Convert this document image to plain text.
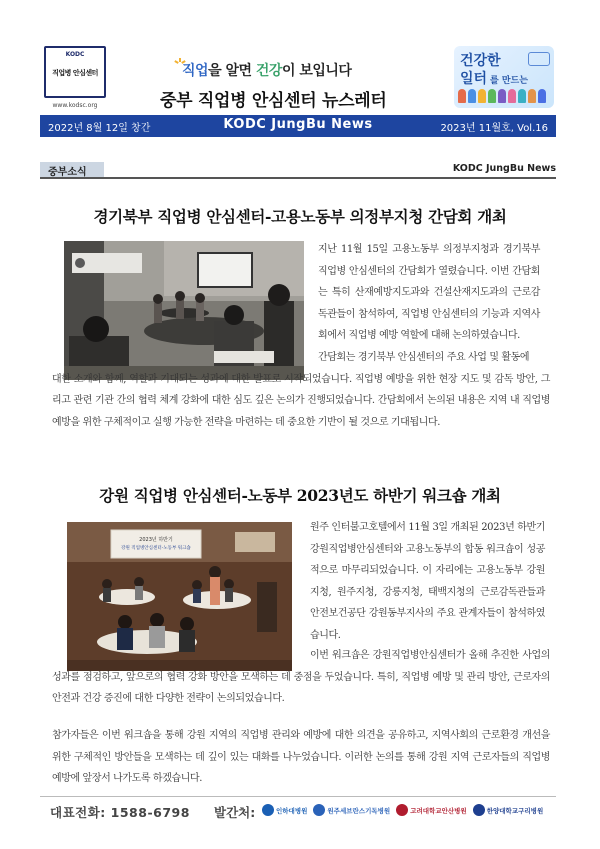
KODC
직업병 안심센터
www.kodsc.org
직업을 알면 건강이 보입니다
중부 직업병 안심센터 뉴스레터
건강한
일터 를 만드는
2022년 8월 12일 창간	KODC JungBu News	2023년 11월호, Vol.16
중부소식	KODC JungBu News
경기북부 직업병 안심센터-고용노동부 의정부지청 간담회 개최
지난 11월 15일 고용노동부 의정부지청과 경기북부 직업병 안심센터의 간담회가 열렸습니다. 이번 간담회는 특히 산재예방지도과와 건설산재지도과의 근로감독관들이 참석하여, 직업병 안심센터의 기능과 지역사회에서 직업병 예방 역할에 대해 논의하였습니다.
간담회는 경기북부 안심센터의 주요 사업 및 활동에
대한 소개와 함께, 역할과 기대되는 성과에 대한 발표로 시작되었습니다. 직업병 예방을 위한 현장 지도 및 감독 방안, 그리고 관련 기관 간의 협력 체계 강화에 대한 심도 깊은 논의가 진행되었습니다. 간담회에서 논의된 내용은 지역 내 직업병 예방을 위한 구체적이고 실행 가능한 전략을 마련하는 데 중요한 기반이 될 것으로 기대됩니다.
강원 직업병 안심센터-노동부 2023년도 하반기 워크숍 개최
2023년 하반기
강원 직업병안심센터-노동부 워크숍
원주 인터불고호텔에서 11월 3일 개최된 2023년 하반기 강원직업병안심센터와 고용노동부의 합동 워크숍이 성공적으로 마무리되었습니다. 이 자리에는 고용노동부 강원지청, 원주지청, 강릉지청, 태백지청의 근로감독관들과 안전보건공단 강원동부지사의 주요 관계자들이 참석하였습니다.
이번 워크숍은 강원직업병안심센터가 올해 추진한 사업의 성과를 점검하고, 앞으로의 협력 강화 방안을 모색하는 데 중점을 두었습니다. 특히, 직업병 예방 및 관리 방안, 근로자의 안전과 건강 증진에 대한 다양한 전략이 논의되었습니다.
참가자들은 이번 워크숍을 통해 강원 지역의 직업병 관리와 예방에 대한 의견을 공유하고, 지역사회의 근로환경 개선을 위한 구체적인 방안들을 모색하는 데 깊이 있는 대화를 나누었습니다. 이러한 논의를 통해 강원 지역 근로자들의 직업병 예방에 앞장서 나가도록 하겠습니다.
대표전화: 1588-6798 발간처:	인하대병원	원주세브란스기독병원	고려대학교안산병원	한양대학교구리병원
